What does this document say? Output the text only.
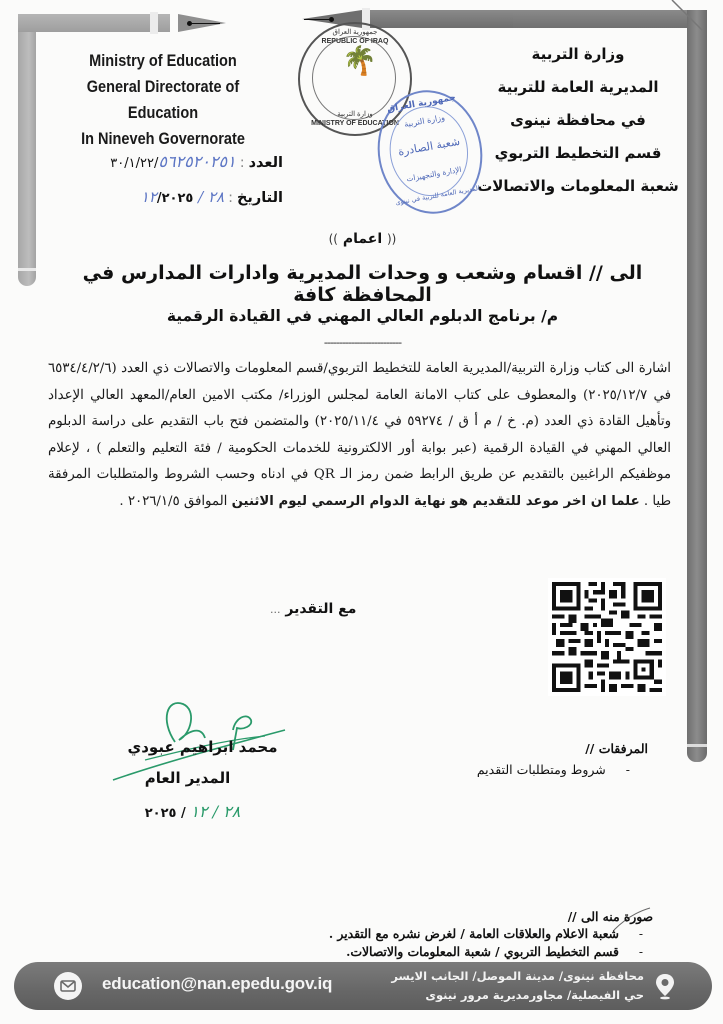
Ministry of Education
General Directorate of Education
In Nineveh Governorate
وزارة التربية
المديرية العامة للتربية
في محافظة نينوى
قسم التخطيط التربوي
شعبة المعلومات والاتصالات
جمهورية العراق
REPUBLIC OF IRAQ
🌴
وزارة التربية
MINISTRY OF EDUCATION
جمهورية العراق
وزارة التربية
شعبة الصادرة
الإدارة والتجهيزات
المديرية العامة للتربية في نينوى
العدد:٣٠/١/٢٢/٥٦٢٥٢٠٢٥١
التاريخ:٢٨ / ١٢/٢٠٢٥
(( اعمام ))
الى // اقسام وشعب و وحدات المديرية وادارات المدارس في المحافظة كافة
م/ برنامج الدبلوم العالي المهني في القيادة الرقمية
--------------------------
اشارة الى كتاب وزارة التربية/المديرية العامة للتخطيط التربوي/قسم المعلومات والاتصالات ذي العدد (٦٥٣٤/٤/٢/٦ في ٢٠٢٥/١٢/٧) والمعطوف على كتاب الامانة العامة لمجلس الوزراء/ مكتب الامين العام/المعهد العالي الإعداد وتأهيل القادة ذي العدد (م. خ / م أ ق / ٥٩٢٧٤ في ٢٠٢٥/١١/٤) والمتضمن فتح باب التقديم على دراسة الدبلوم العالي المهني في القيادة الرقمية (عبر بوابة أور الالكترونية للخدمات الحكومية / فئة التعليم والتعلم ) ، لإعلام موظفيكم الراغبين بالتقديم عن طريق الرابط ضمن رمز الـ QR في ادناه وحسب الشروط والمتطلبات المرفقة طيا . علما ان اخر موعد للتقديم هو نهاية الدوام الرسمي ليوم الاثنين الموافق ٢٠٢٦/١/٥ .
مع التقدير ...
محمد ابراهيم عبودي
المدير العام
٢٨ / ١٢ / ٢٠٢٥
المرفقات //
-شروط ومتطلبات التقديم
صورة منه الى //
-شعبة الاعلام والعلاقات العامة / لغرض نشره مع التقدير .
-قسم التخطيط التربوي / شعبة المعلومات والاتصالات.
education@nan.epedu.gov.iq	محافظة نينوى/ مدينة الموصل/ الجانب الايسر
حي الفيصلية/ مجاورمديرية مرور نينوى
